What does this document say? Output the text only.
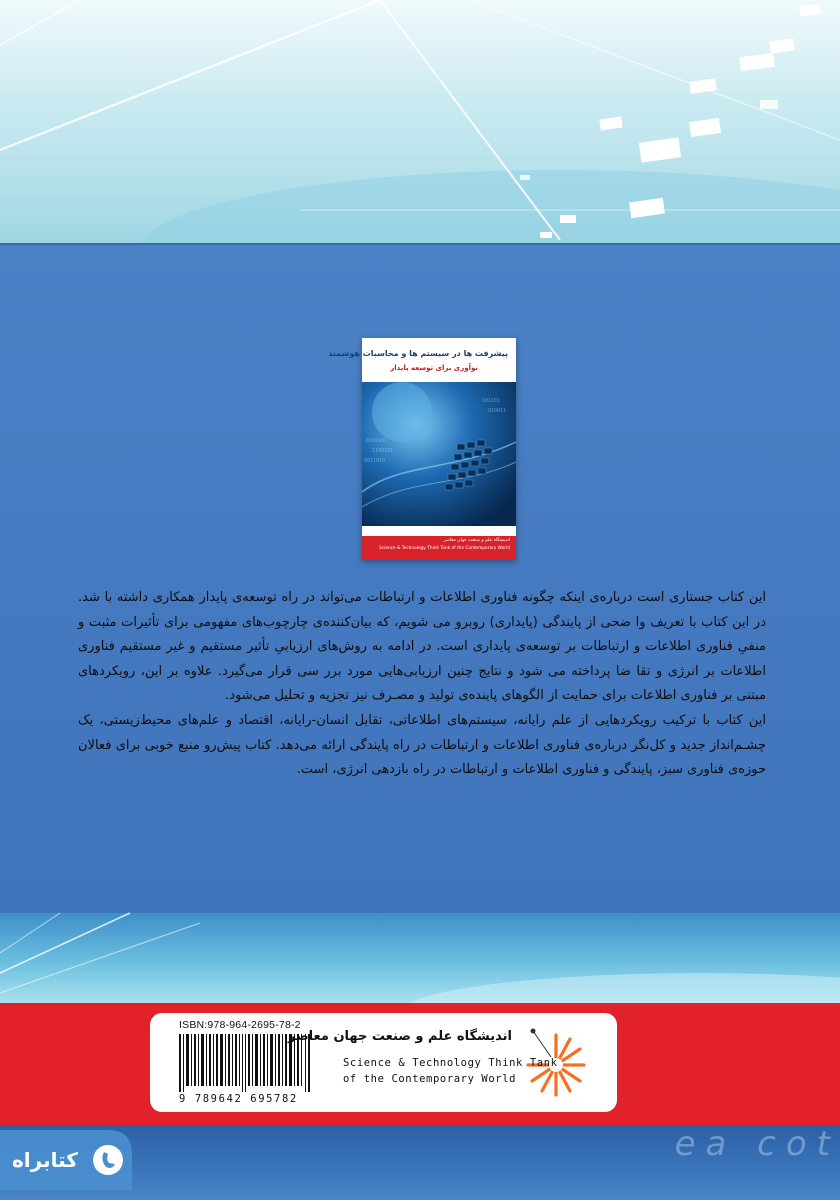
پیشرفت ها در سیستم ها و محاسبات هوشمند
نوآوری برای توسعه پایدار
0101101
1100101
0011010
101101
010011
اندیشگاه علم و صنعت جهان معاصر
Science & Technology Think Tank of the Contemporary World

این کتاب جستاری است درباره‌ی اینکه چگونه فناوری اطلاعات و ارتباطات می‌تواند در راه توسعه‌ی پایدار همکاری داشته با شد. در این کتاب با تعریف وا ضحی از پایندگی (پایداری) روبرو می شویم، که بیان‌کننده‌ی چارچوب‌های مفهومی برای تأثیرات مثبت و منفیِ فناوری اطلاعات و ارتباطات بر توسعه‌ی پایداری است. در ادامه به روش‌های ارزیابیِ تأثیر مستقیم و غیر مستقیم فناوری اطلاعات بر انرژی و تقا ضا پرداخته می شود و نتایج چنین ارزیابی‌هایی مورد برر سی قرار می‌گیرد. علاوه بر این، رویکردهای مبتنی بر فناوری اطلاعات برای حمایت از الگوهای پاینده‌ی تولید و مصـرف نیز تجزیه و تحلیل می‌شود.

این کتاب با ترکیب رویکردهایی از علم رایانه، سیستم‌های اطلاعاتی، تقابل انسان-رایانه، اقتصاد و علم‌های محیط‌زیستی، یک چشـم‌انداز جدید و کل‌نگر درباره‌ی فناوری اطلاعات و ارتباطات در راه پایندگی ارائه می‌دهد. کتاب پیش‌رو منبع خوبی برای فعالان حوزه‌ی فناوری سبز، پایندگی و فناوری اطلاعات و ارتباطات در راه بازدهی انرژی، است.

ISBN:978-964-2695-78-2
9 789642 695782
اندیشگاه علم و صنعت جهان معاصر
Science & Technology Think Tank
of the Contemporary World
ea cot
کتابراه
